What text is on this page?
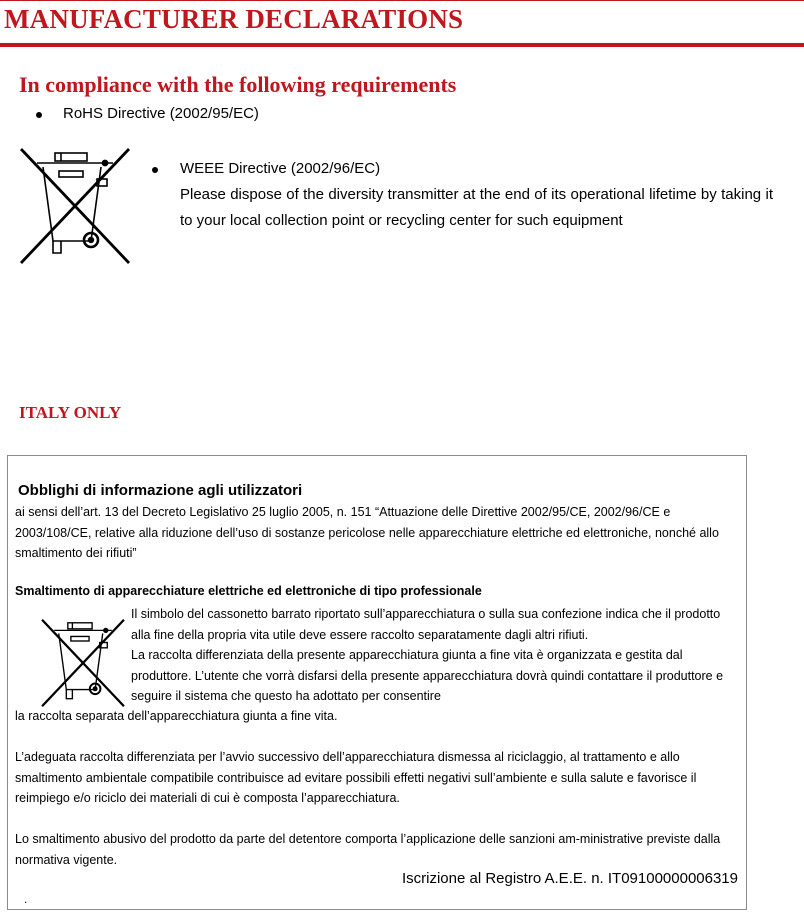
MANUFACTURER DECLARATIONS
In compliance with the following requirements
RoHS Directive (2002/95/EC)
WEEE Directive (2002/96/EC)
Please dispose of the diversity transmitter at the end of its operational lifetime by taking it to your local collection point or recycling center for such equipment
ITALY ONLY
Obblighi di informazione agli utilizzatori
ai sensi dell’art. 13 del Decreto Legislativo 25 luglio 2005, n. 151 “Attuazione delle Direttive 2002/95/CE, 2002/96/CE e 2003/108/CE, relative alla riduzione dell’uso di sostanze pericolose nelle apparecchiature elettriche ed elettroniche, nonché allo smaltimento dei rifiuti”
Smaltimento di apparecchiature elettriche ed elettroniche di tipo professionale
Il simbolo del cassonetto barrato riportato sull’apparecchiatura o sulla sua confezione indica che il prodotto alla fine della propria vita utile deve essere raccolto separatamente dagli altri rifiuti.
La raccolta differenziata della presente apparecchiatura giunta a fine vita è organizzata e gestita dal produttore. L’utente che vorrà disfarsi della presente apparecchiatura dovrà quindi contattare il produttore e seguire il sistema che questo ha adottato per consentire
la raccolta separata dell’apparecchiatura giunta a fine vita.
L’adeguata raccolta differenziata per l’avvio successivo dell’apparecchiatura dismessa al riciclaggio, al trattamento e allo smaltimento ambientale compatibile contribuisce ad evitare possibili effetti negativi sull’ambiente e sulla salute e favorisce il reimpiego e/o riciclo dei materiali di cui è composta l’apparecchiatura.
Lo smaltimento abusivo del prodotto da parte del detentore comporta l’applicazione delle sanzioni am-ministrative previste dalla normativa vigente.
Iscrizione al Registro A.E.E. n. IT09100000006319
.
